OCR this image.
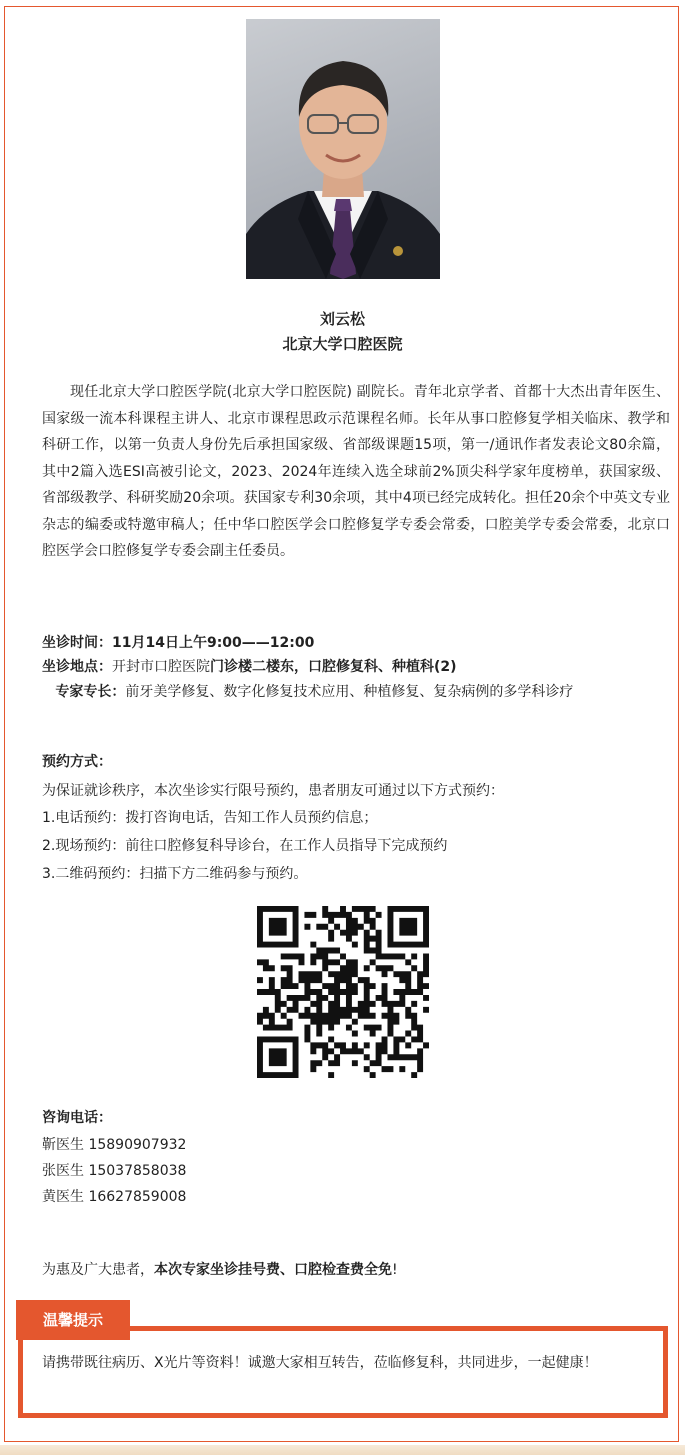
刘云松
北京大学口腔医院

现任北京大学口腔医学院(北京大学口腔医院) 副院长。青年北京学者、首都十大杰出青年医生、国家级一流本科课程主讲人、北京市课程思政示范课程名师。长年从事口腔修复学相关临床、教学和科研工作，以第一负责人身份先后承担国家级、省部级课题15项，第一/通讯作者发表论文80余篇，其中2篇入选ESI高被引论文，2023、2024年连续入选全球前2%顶尖科学家年度榜单，获国家级、省部级教学、科研奖励20余项。获国家专利30余项，其中4项已经完成转化。担任20余个中英文专业杂志的编委或特邀审稿人；任中华口腔医学会口腔修复学专委会常委，口腔美学专委会常委，北京口腔医学会口腔修复学专委会副主任委员。

坐诊时间：11月14日上午9:00——12:00
坐诊地点：开封市口腔医院门诊楼二楼东，口腔修复科、种植科(2)

专家专长：前牙美学修复、数字化修复技术应用、种植修复、复杂病例的多学科诊疗

预约方式：
为保证就诊秩序，本次坐诊实行限号预约，患者朋友可通过以下方式预约：
1.电话预约：拨打咨询电话，告知工作人员预约信息；
2.现场预约：前往口腔修复科导诊台，在工作人员指导下完成预约
3.二维码预约：扫描下方二维码参与预约。
咨询电话：
靳医生 15890907932
张医生 15037858038
黄医生 16627859008
为惠及广大患者，本次专家坐诊挂号费、口腔检查费全免!
温馨提示

请携带既往病历、X光片等资料！诚邀大家相互转告，莅临修复科，共同进步，一起健康！
